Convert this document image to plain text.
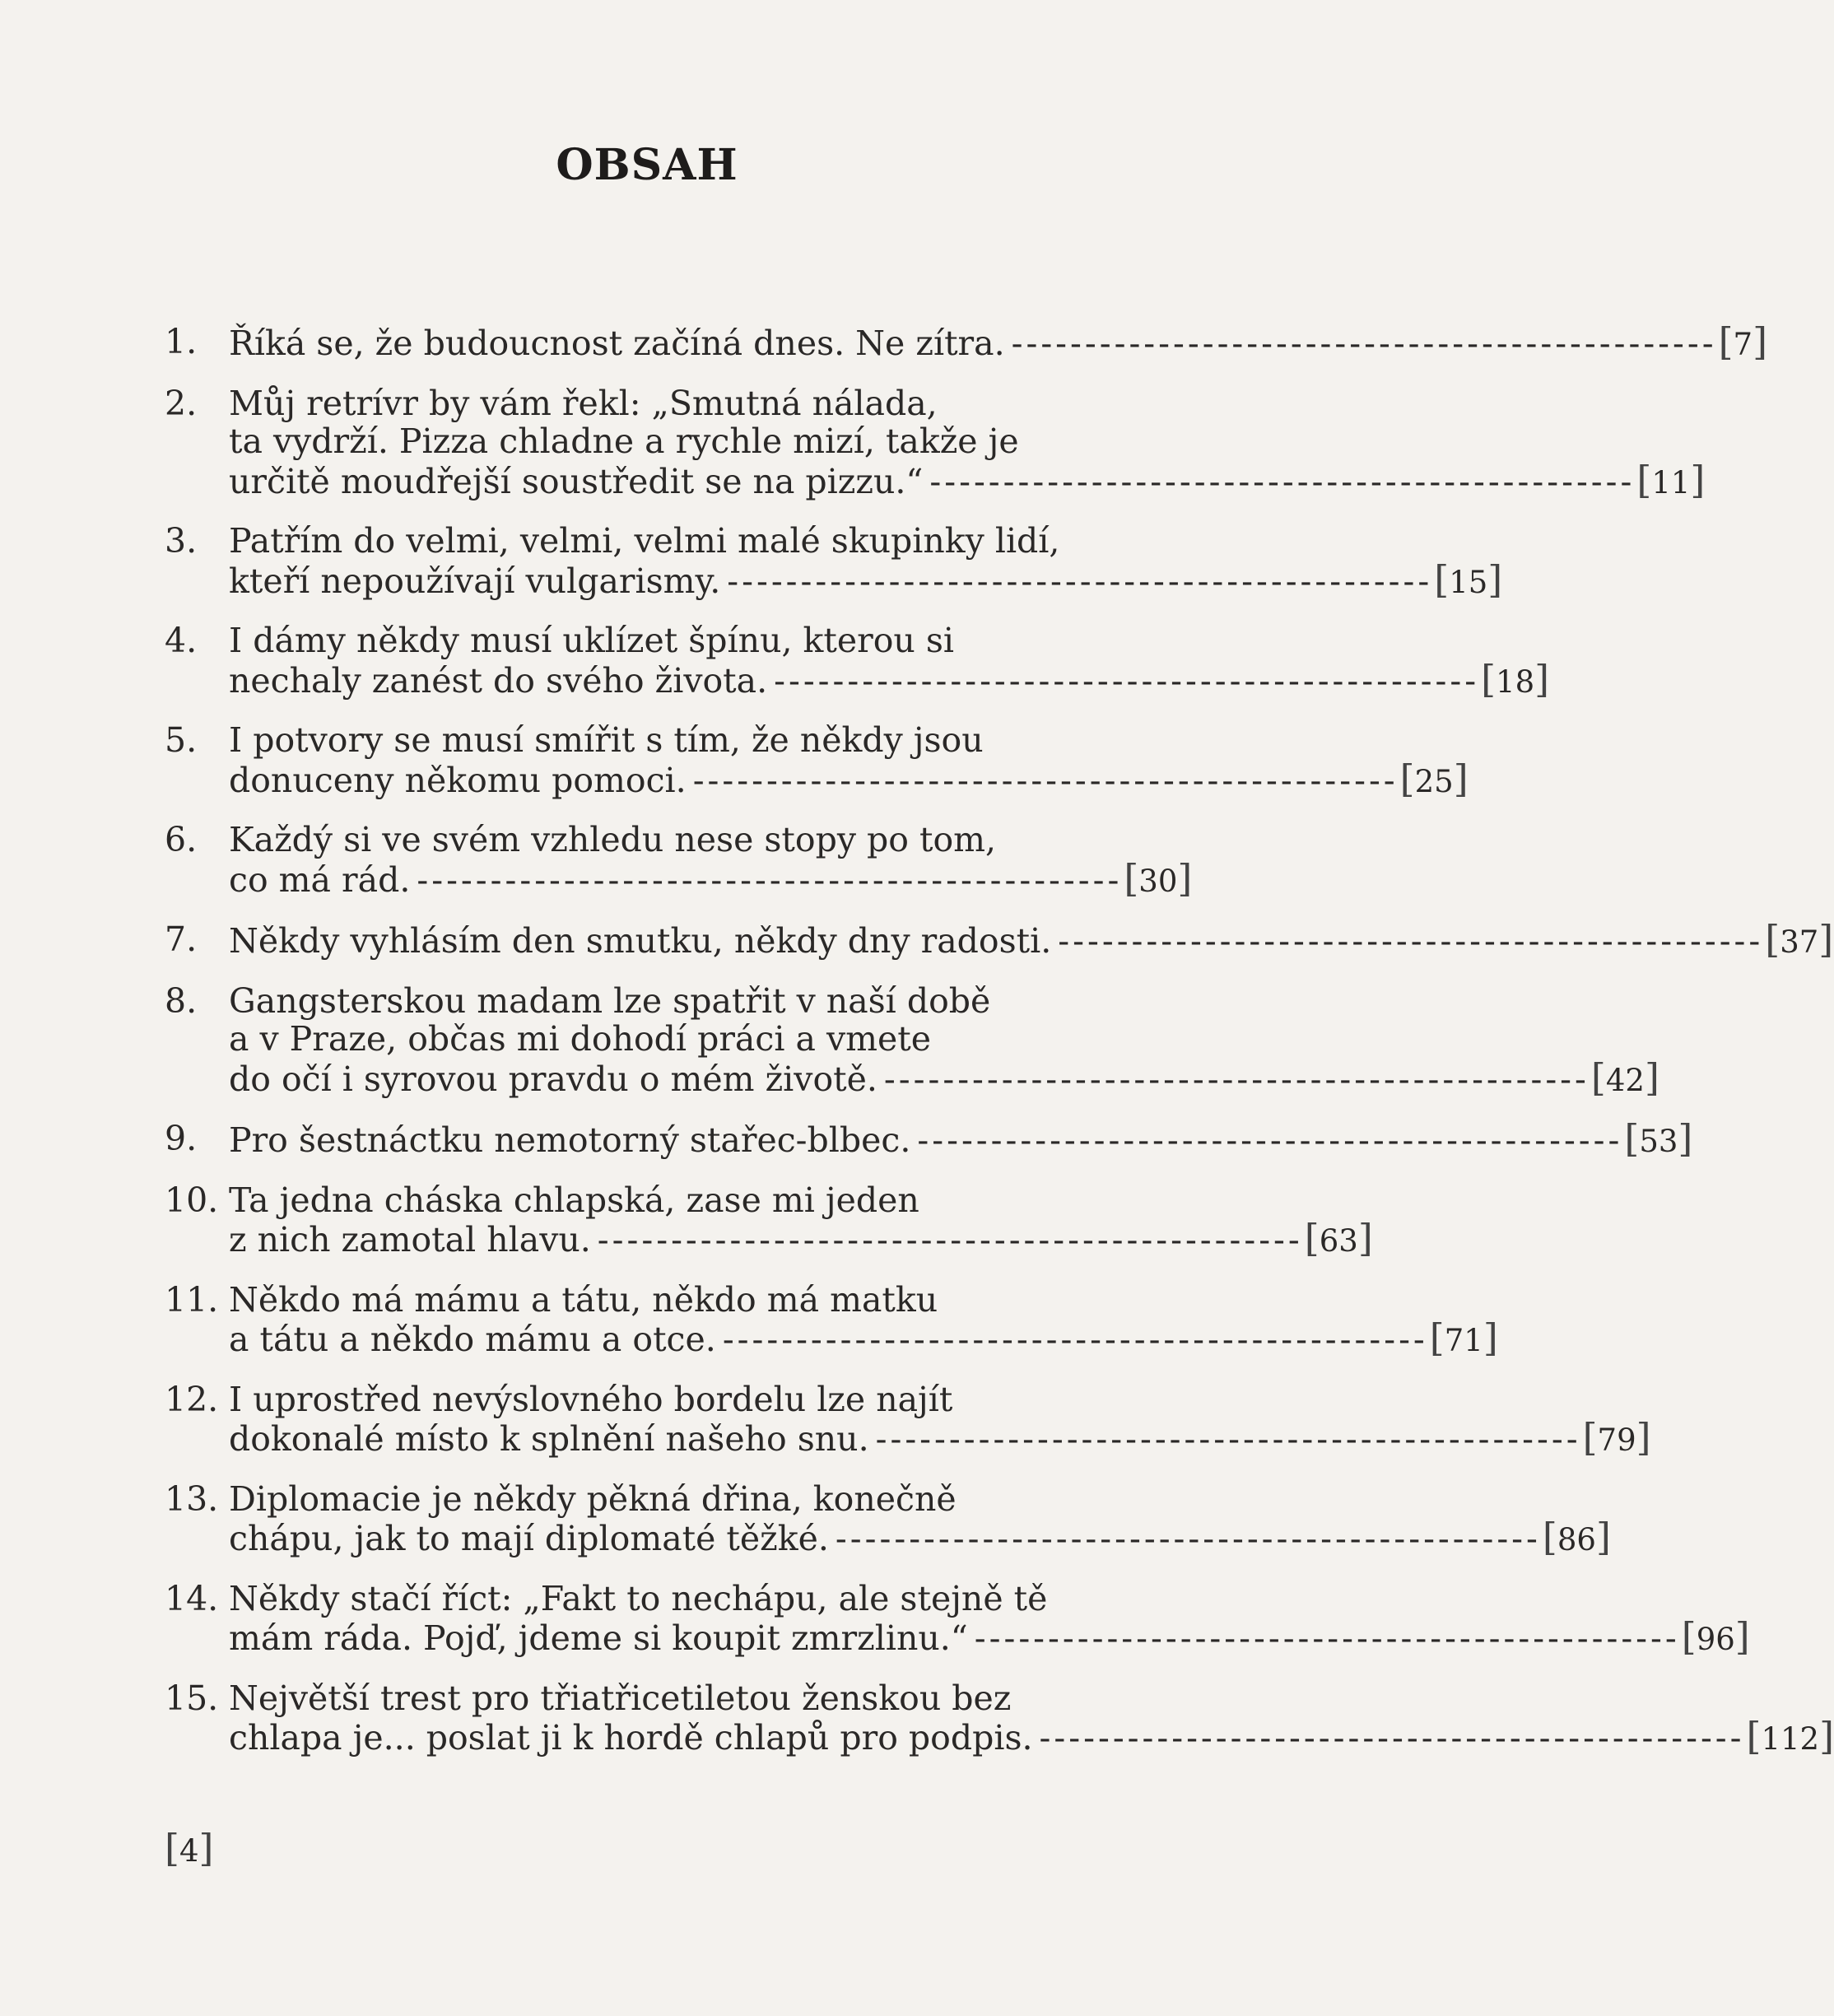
OBSAH
1. Říká se, že budoucnost začíná dnes. Ne zítra. ------------------------------------------------ [7]
2. Můj retrívr by vám řekl: „Smutná nálada,
ta vydrží. Pizza chladne a rychle mizí, takže je
určitě moudřejší soustředit se na pizzu.“ ------------------------------------------------ [11]
3. Patřím do velmi, velmi, velmi malé skupinky lidí,
kteří nepoužívají vulgarismy. ------------------------------------------------ [15]
4. I dámy někdy musí uklízet špínu, kterou si
nechaly zanést do svého života. ------------------------------------------------ [18]
5. I potvory se musí smířit s tím, že někdy jsou
donuceny někomu pomoci. ------------------------------------------------ [25]
6. Každý si ve svém vzhledu nese stopy po tom,
co má rád. ------------------------------------------------ [30]
7. Někdy vyhlásím den smutku, někdy dny radosti. ------------------------------------------------ [37]
8. Gangsterskou madam lze spatřit v naší době
a v Praze, občas mi dohodí práci a vmete
do očí i syrovou pravdu o mém životě. ------------------------------------------------ [42]
9. Pro šestnáctku nemotorný stařec-blbec. ------------------------------------------------ [53]
10. Ta jedna cháska chlapská, zase mi jeden
z nich zamotal hlavu. ------------------------------------------------ [63]
11. Někdo má mámu a tátu, někdo má matku
a tátu a někdo mámu a otce. ------------------------------------------------ [71]
12. I uprostřed nevýslovného bordelu lze najít
dokonalé místo k splnění našeho snu. ------------------------------------------------ [79]
13. Diplomacie je někdy pěkná dřina, konečně
chápu, jak to mají diplomaté těžké. ------------------------------------------------ [86]
14. Někdy stačí říct: „Fakt to nechápu, ale stejně tě
mám ráda. Pojď, jdeme si koupit zmrzlinu.“ ------------------------------------------------ [96]
15. Největší trest pro třiatřicetiletou ženskou bez
chlapa je... poslat ji k hordě chlapů pro podpis. ------------------------------------------------ [112]
[4]
